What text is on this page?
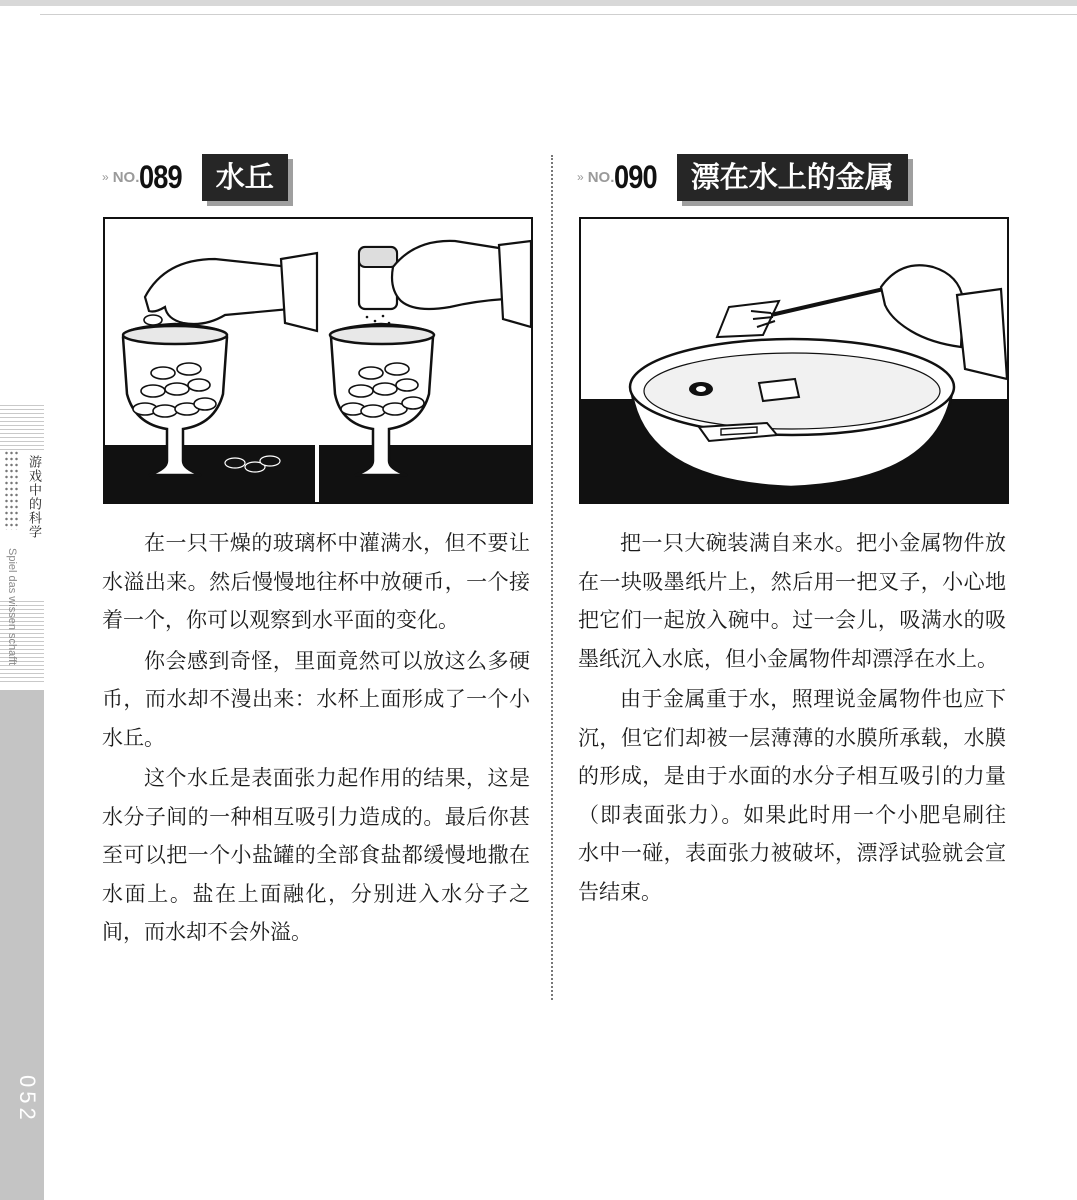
游戏中的科学
Spiel das wissen schafft
052
» NO. 089	水丘

在一只干燥的玻璃杯中灌满水，但不要让水溢出来。然后慢慢地往杯中放硬币，一个接着一个，你可以观察到水平面的变化。

你会感到奇怪，里面竟然可以放这么多硬币，而水却不漫出来：水杯上面形成了一个小水丘。

这个水丘是表面张力起作用的结果，这是水分子间的一种相互吸引力造成的。最后你甚至可以把一个小盐罐的全部食盐都缓慢地撒在水面上。盐在上面融化，分别进入水分子之间，而水却不会外溢。

» NO. 090	漂在水上的金属

把一只大碗装满自来水。把小金属物件放在一块吸墨纸片上，然后用一把叉子，小心地把它们一起放入碗中。过一会儿，吸满水的吸墨纸沉入水底，但小金属物件却漂浮在水上。

由于金属重于水，照理说金属物件也应下沉，但它们却被一层薄薄的水膜所承载，水膜的形成，是由于水面的水分子相互吸引的力量（即表面张力）。如果此时用一个小肥皂刷往水中一碰，表面张力被破坏，漂浮试验就会宣告结束。
